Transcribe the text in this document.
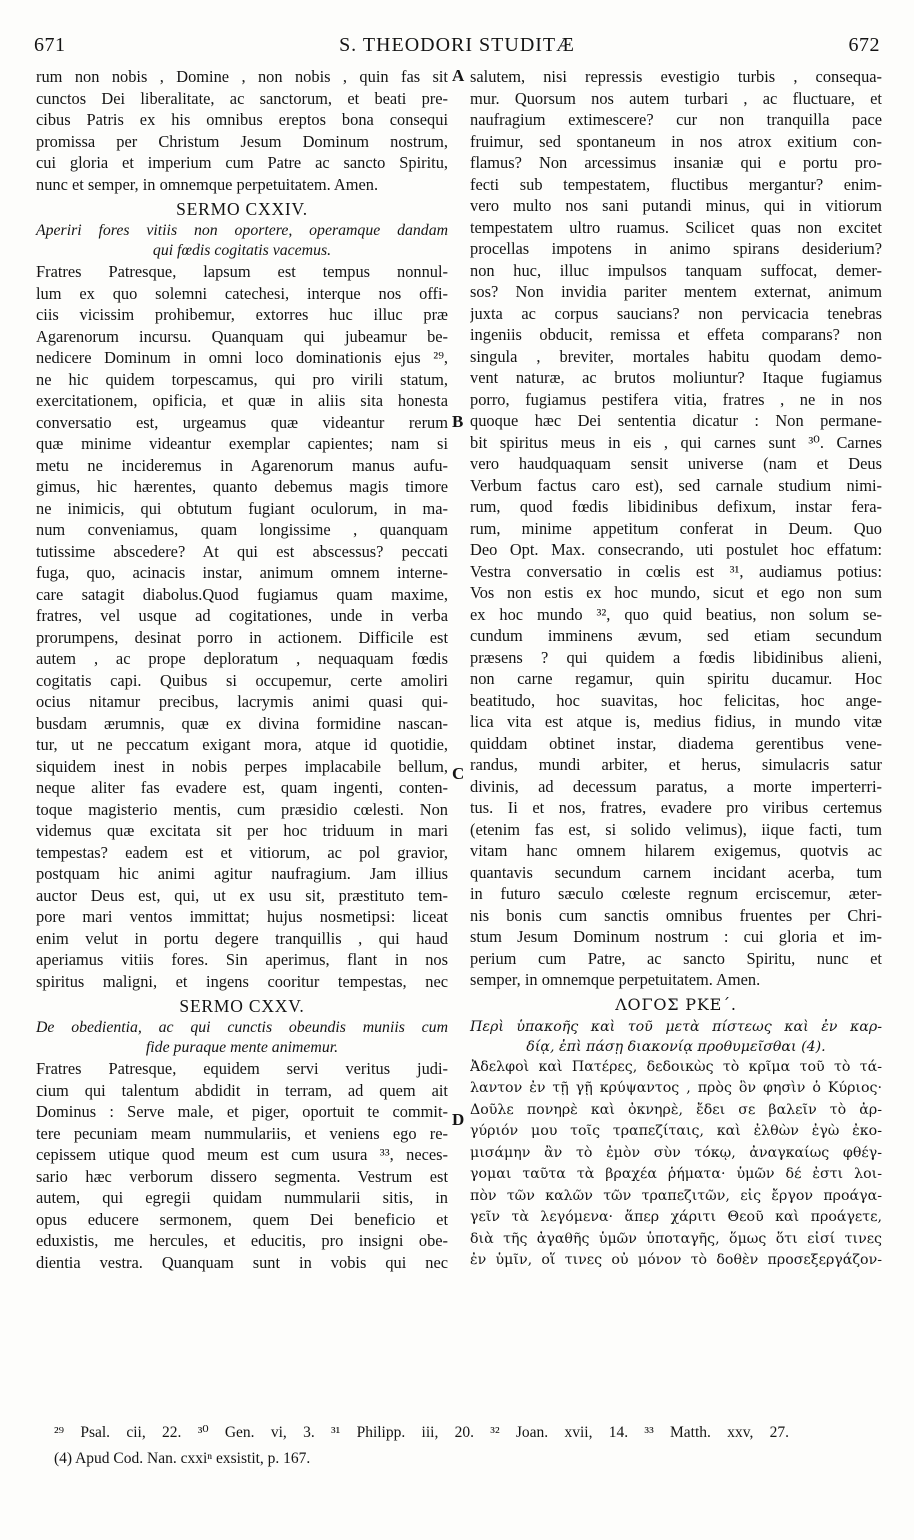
671	S. THEODORI STUDITÆ	672
A
B
C
D
rum non nobis , Domine , non nobis , quin fas sit
cunctos Dei liberalitate, ac sanctorum, et beati pre-
cibus Patris ex his omnibus ereptos bona consequi
promissa per Christum Jesum Dominum nostrum,
cui gloria et imperium cum Patre ac sancto Spiritu,
nunc et semper, in omnemque perpetuitatem. Amen.
SERMO CXXIV.
Aperiri fores vitiis non oportere, operamque dandam
qui fœdis cogitatis vacemus.
Fratres Patresque, lapsum est tempus nonnul-
lum ex quo solemni catechesi, interque nos offi-
ciis vicissim prohibemur, extorres huc illuc præ
Agarenorum incursu. Quanquam qui jubeamur be-
nedicere Dominum in omni loco dominationis ejus ²⁹,
ne hic quidem torpescamus, qui pro virili statum,
exercitationem, opificia, et quæ in aliis sita honesta
conversatio est, urgeamus quæ videantur rerum
quæ minime videantur exemplar capientes; nam si
metu ne incideremus in Agarenorum manus aufu-
gimus, hic hærentes, quanto debemus magis timore
ne inimicis, qui obtutum fugiant oculorum, in ma-
num conveniamus, quam longissime , quanquam
tutissime abscedere? At qui est abscessus? peccati
fuga, quo, acinacis instar, animum omnem interne-
care satagit diabolus.Quod fugiamus quam maxime,
fratres, vel usque ad cogitationes, unde in verba
prorumpens, desinat porro in actionem. Difficile est
autem , ac prope deploratum , nequaquam fœdis
cogitatis capi. Quibus si occupemur, certe amoliri
ocius nitamur precibus, lacrymis animi quasi qui-
busdam ærumnis, quæ ex divina formidine nascan-
tur, ut ne peccatum exigant mora, atque id quotidie,
siquidem inest in nobis perpes implacabile bellum,
neque aliter fas evadere est, quam ingenti, conten-
toque magisterio mentis, cum præsidio cœlesti. Non
videmus quæ excitata sit per hoc triduum in mari
tempestas? eadem est et vitiorum, ac pol gravior,
postquam hic animi agitur naufragium. Jam illius
auctor Deus est, qui, ut ex usu sit, præstituto tem-
pore mari ventos immittat; hujus nosmetipsi: liceat
enim velut in portu degere tranquillis , qui haud
aperiamus vitiis fores. Sin aperimus, flant in nos
spiritus maligni, et ingens cooritur tempestas, nec
SERMO CXXV.
De obedientia, ac qui cunctis obeundis muniis cum
fide puraque mente animemur.
Fratres Patresque, equidem servi veritus judi-
cium qui talentum abdidit in terram, ad quem ait
Dominus : Serve male, et piger, oportuit te commit-
tere pecuniam meam nummulariis, et veniens ego re-
cepissem utique quod meum est cum usura ³³, neces-
sario hæc verborum dissero segmenta. Vestrum est
autem, qui egregii quidam nummularii sitis, in
opus educere sermonem, quem Dei beneficio et
eduxistis, me hercules, et educitis, pro insigni obe-
dientia vestra. Quanquam sunt in vobis qui nec
salutem, nisi repressis evestigio turbis , consequa-
mur. Quorsum nos autem turbari , ac fluctuare, et
naufragium extimescere? cur non tranquilla pace
fruimur, sed spontaneum in nos atrox exitium con-
flamus? Non arcessimus insaniæ qui e portu pro-
fecti sub tempestatem, fluctibus mergantur? enim-
vero multo nos sani putandi minus, qui in vitiorum
tempestatem ultro ruamus. Scilicet quas non excitet
procellas impotens in animo spirans desiderium?
non huc, illuc impulsos tanquam suffocat, demer-
sos? Non invidia pariter mentem externat, animum
juxta ac corpus saucians? non pervicacia tenebras
ingeniis obducit, remissa et effeta comparans? non
singula , breviter, mortales habitu quodam demo-
vent naturæ, ac brutos moliuntur? Itaque fugiamus
porro, fugiamus pestifera vitia, fratres , ne in nos
quoque hæc Dei sententia dicatur : Non permane-
bit spiritus meus in eis , qui carnes sunt ³⁰. Carnes
vero haudquaquam sensit universe (nam et Deus
Verbum factus caro est), sed carnale studium nimi-
rum, quod fœdis libidinibus defixum, instar fera-
rum, minime appetitum conferat in Deum. Quo
Deo Opt. Max. consecrando, uti postulet hoc effatum:
Vestra conversatio in cœlis est ³¹, audiamus potius:
Vos non estis ex hoc mundo, sicut et ego non sum
ex hoc mundo ³², quo quid beatius, non solum se-
cundum imminens ævum, sed etiam secundum
præsens ? qui quidem a fœdis libidinibus alieni,
non carne regamur, quin spiritu ducamur. Hoc
beatitudo, hoc suavitas, hoc felicitas, hoc ange-
lica vita est atque is, medius fidius, in mundo vitæ
quiddam obtinet instar, diadema gerentibus vene-
randus, mundi arbiter, et herus, simulacris satur
divinis, ad decessum paratus, a morte imperterri-
tus. Ii et nos, fratres, evadere pro viribus certemus
(etenim fas est, si solido velimus), iique facti, tum
vitam hanc omnem hilarem exigemus, quotvis ac
quantavis secundum carnem incidant acerba, tum
in futuro sæculo cœleste regnum erciscemur, æter-
nis bonis cum sanctis omnibus fruentes per Chri-
stum Jesum Dominum nostrum : cui gloria et im-
perium cum Patre, ac sancto Spiritu, nunc et
semper, in omnemque perpetuitatem. Amen.
ΛΟΓΟΣ ΡΚΕ΄.
Περὶ ὑπακοῆς καὶ τοῦ μετὰ πίστεως καὶ ἐν καρ-
δίᾳ, ἐπὶ πάσῃ διακονίᾳ προθυμεῖσθαι (4).
Ἀδελφοὶ καὶ Πατέρες, δεδοικὼς τὸ κρῖμα τοῦ τὸ τά-
λαντον ἐν τῇ γῇ κρύψαντος , πρὸς ὃν φησὶν ὁ Κύριος·
Δοῦλε πονηρὲ καὶ ὀκνηρὲ, ἔδει σε βαλεῖν τὸ ἀρ-
γύριόν μου τοῖς τραπεζίταις, καὶ ἐλθὼν ἐγὼ ἐκο-
μισάμην ἂν τὸ ἐμὸν σὺν τόκῳ, ἀναγκαίως φθέγ-
γομαι ταῦτα τὰ βραχέα ῥήματα· ὑμῶν δέ ἐστι λοι-
πὸν τῶν καλῶν τῶν τραπεζιτῶν, εἰς ἔργον προάγα-
γεῖν τὰ λεγόμενα· ἅπερ χάριτι Θεοῦ καὶ προάγετε,
διὰ τῆς ἀγαθῆς ὑμῶν ὑποταγῆς, ὅμως ὅτι εἰσί τινες
ἐν ὑμῖν, οἵ τινες οὐ μόνον τὸ δοθὲν προσεξεργάζον-
²⁹ Psal. cii, 22. ³⁰ Gen. vi, 3. ³¹ Philipp. iii, 20. ³² Joan. xvii, 14. ³³ Matth. xxv, 27.
(4) Apud Cod. Nan. cxxiⁿ exsistit, p. 167.
